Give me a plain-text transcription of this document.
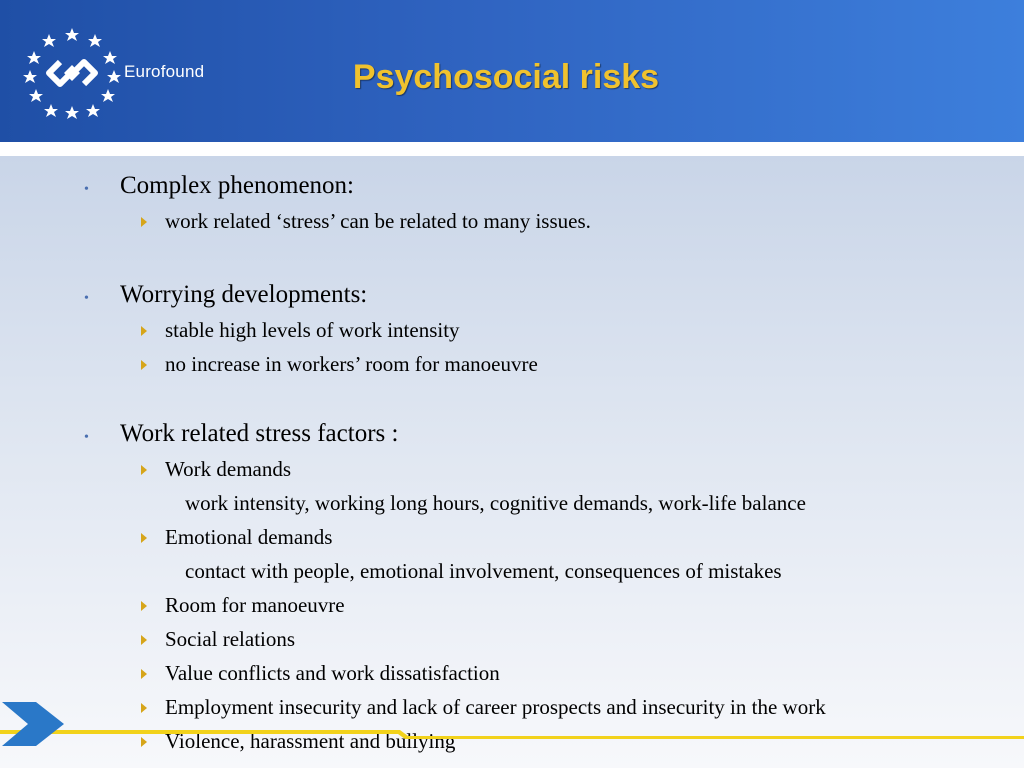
Eurofound	Psychosocial risks
• Complex phenomenon:
work related ‘stress’ can be related to many issues.
• Worrying developments:
stable high levels of work intensity
no increase in workers’ room for manoeuvre
• Work related stress factors :
Work demands
work intensity, working long hours, cognitive demands, work-life balance
Emotional demands
contact with people, emotional involvement, consequences of mistakes
Room for manoeuvre
Social relations
Value conflicts and work dissatisfaction
Employment insecurity and lack of career prospects and insecurity in the work
Violence, harassment and bullying
